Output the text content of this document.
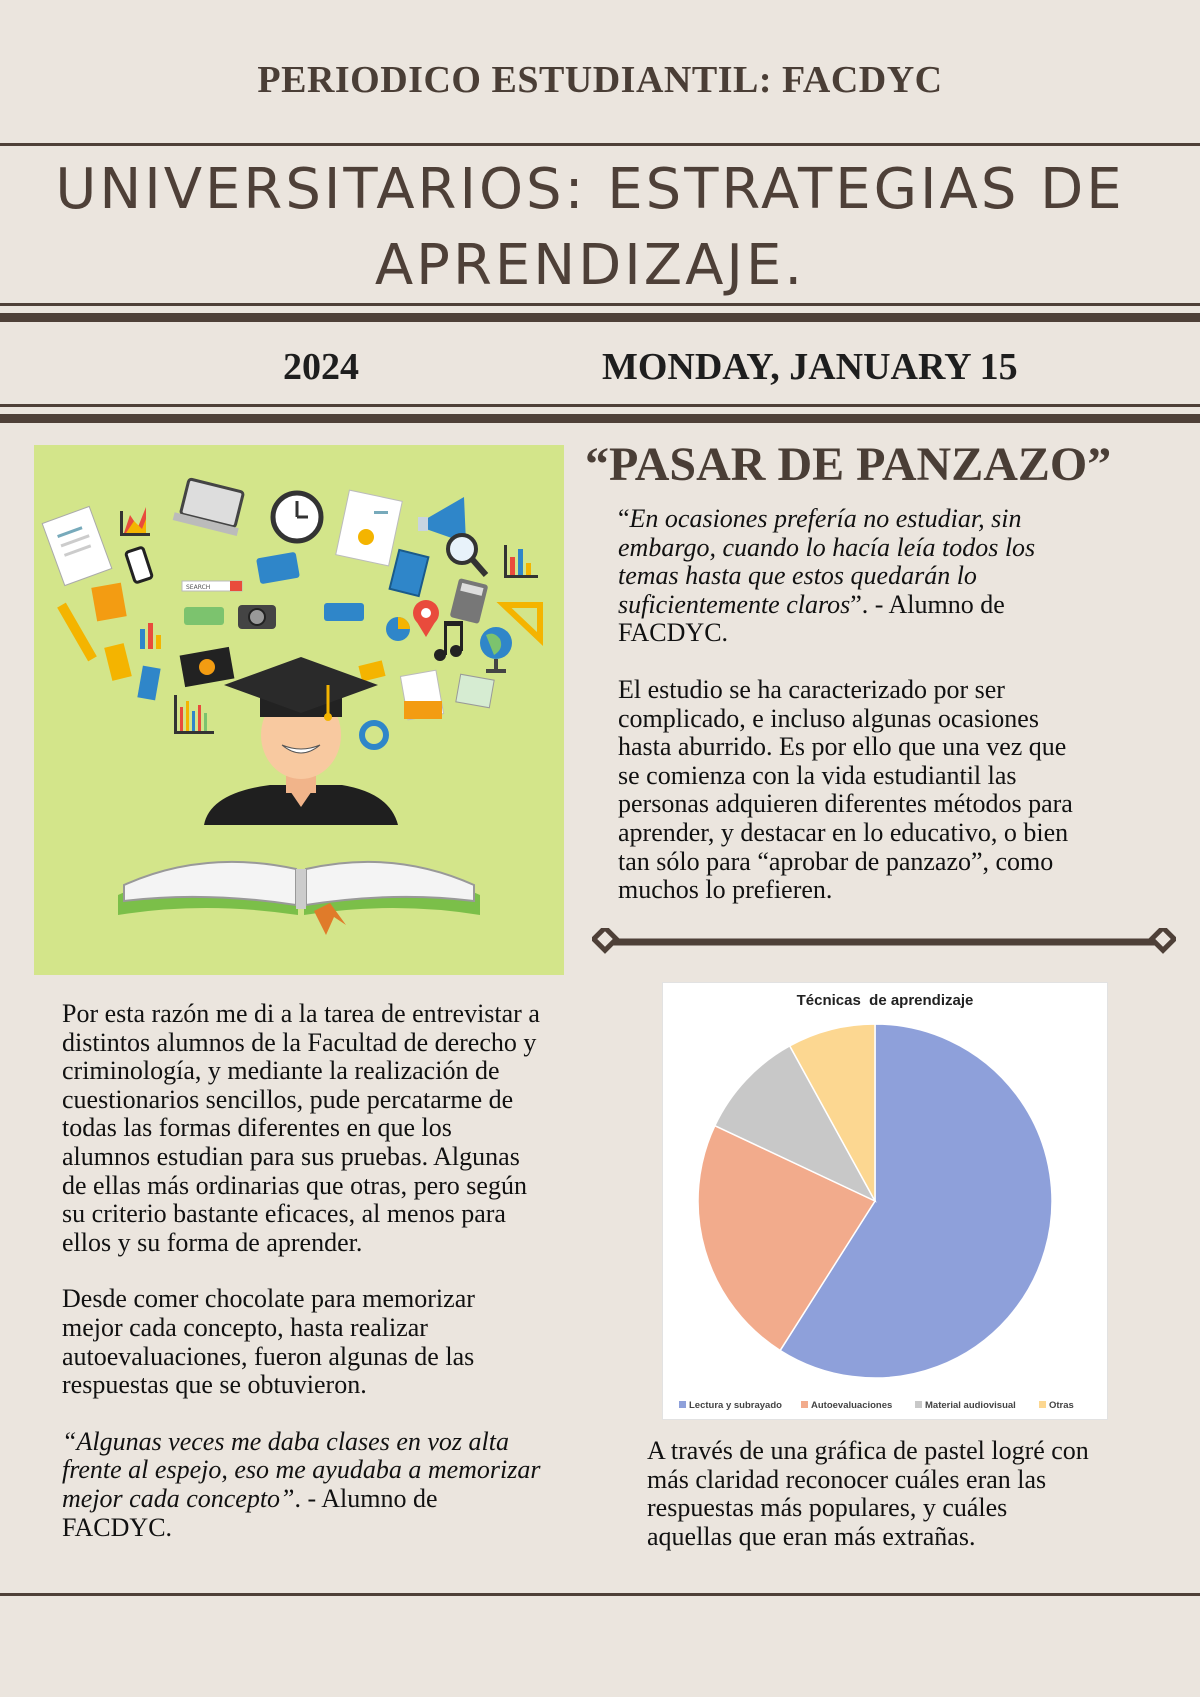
PERIODICO ESTUDIANTIL: FACDYC
UNIVERSITARIOS: ESTRATEGIAS DE APRENDIZAJE.
2024	MONDAY, JANUARY 15
SEARCH
“PASAR DE PANZAZO”

“En ocasiones prefería no estudiar, sin embargo, cuando lo hacía leía todos los temas hasta que estos quedarán lo suficientemente claros”. - Alumno de FACDYC.

El estudio se ha caracterizado por ser complicado, e incluso algunas ocasiones hasta aburrido. Es por ello que una vez que se comienza con la vida estudiantil las personas adquieren diferentes métodos para aprender, y destacar en lo educativo, o bien tan sólo para “aprobar de panzazo”, como muchos lo prefieren.

Por esta razón me di a la tarea de entrevistar a distintos alumnos de la Facultad de derecho y criminología, y mediante la realización de cuestionarios sencillos, pude percatarme de todas las formas diferentes en que los alumnos estudian para sus pruebas. Algunas de ellas más ordinarias que otras, pero según su criterio bastante eficaces, al menos para ellos y su forma de aprender.

Desde comer chocolate para memorizar mejor cada concepto, hasta realizar autoevaluaciones, fueron algunas de las respuestas que se obtuvieron.

“Algunas veces me daba clases en voz alta frente al espejo, eso me ayudaba a memorizar mejor cada concepto”. - Alumno de FACDYC.

Técnicas  de aprendizaje
Lectura y subrayado	Autoevaluaciones	Material audiovisual	Otras
A través de una gráfica de pastel logré con más claridad reconocer cuáles eran las respuestas más populares, y cuáles aquellas que eran más extrañas.
